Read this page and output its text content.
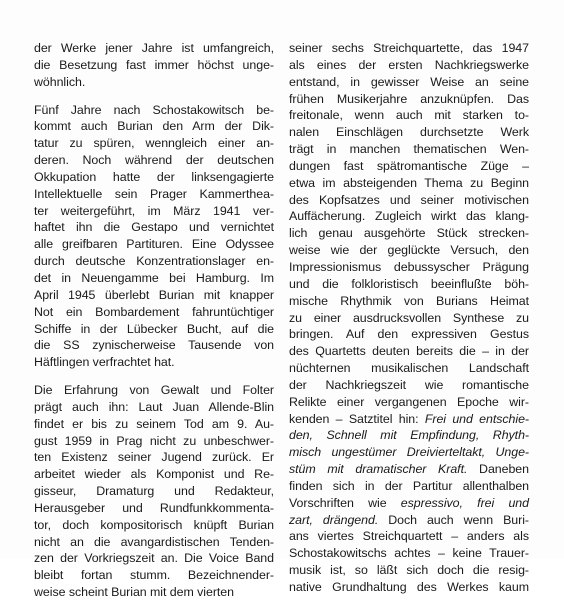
der Werke jener Jahre ist umfangreich,
die Besetzung fast immer höchst unge-
wöhnlich.

Fünf Jahre nach Schostakowitsch be-
kommt auch Burian den Arm der Dik-
tatur zu spüren, wenngleich einer an-
deren. Noch während der deutschen
Okkupation hatte der linksengagierte
Intellektuelle sein Prager Kammerthea-
ter weitergeführt, im März 1941 ver-
haftet ihn die Gestapo und vernichtet
alle greifbaren Partituren. Eine Odyssee
durch deutsche Konzentrationslager en-
det in Neuengamme bei Hamburg. Im
April 1945 überlebt Burian mit knapper
Not ein Bombardement fahruntüchtiger
Schiffe in der Lübecker Bucht, auf die
die SS zynischerweise Tausende von
Häftlingen verfrachtet hat.

Die Erfahrung von Gewalt und Folter
prägt auch ihn: Laut Juan Allende-Blin
findet er bis zu seinem Tod am 9. Au-
gust 1959 in Prag nicht zu unbeschwer-
ten Existenz seiner Jugend zurück. Er
arbeitet wieder als Komponist und Re-
gisseur, Dramaturg und Redakteur,
Herausgeber und Rundfunkkommenta-
tor, doch kompositorisch knüpft Burian
nicht an die avangardistischen Tenden-
zen der Vorkriegszeit an. Die Voice Band
bleibt fortan stumm. Bezeichnender-
weise scheint Burian mit dem vierten

seiner sechs Streichquartette, das 1947
als eines der ersten Nachkriegswerke
entstand, in gewisser Weise an seine
frühen Musikerjahre anzuknüpfen. Das
freitonale, wenn auch mit starken to-
nalen Einschlägen durchsetzte Werk
trägt in manchen thematischen Wen-
dungen fast spätromantische Züge –
etwa im absteigenden Thema zu Beginn
des Kopfsatzes und seiner motivischen
Auffächerung. Zugleich wirkt das klang-
lich genau ausgehörte Stück strecken-
weise wie der geglückte Versuch, den
Impressionismus debussyscher Prägung
und die folkloristisch beeinflußte böh-
mische Rhythmik von Burians Heimat
zu einer ausdrucksvollen Synthese zu
bringen. Auf den expressiven Gestus
des Quartetts deuten bereits die – in der
nüchternen musikalischen Landschaft
der Nachkriegszeit wie romantische
Relikte einer vergangenen Epoche wir-
kenden – Satztitel hin: Frei und entschie-
den, Schnell mit Empfindung, Rhyth-
misch ungestümer Dreivierteltakt, Unge-
stüm mit dramatischer Kraft. Daneben
finden sich in der Partitur allenthalben
Vorschriften wie espressivo, frei und
zart, drängend. Doch auch wenn Buri-
ans viertes Streichquartett – anders als
Schostakowitschs achtes – keine Trauer-
musik ist, so läßt sich doch die resig-
native Grundhaltung des Werkes kaum
